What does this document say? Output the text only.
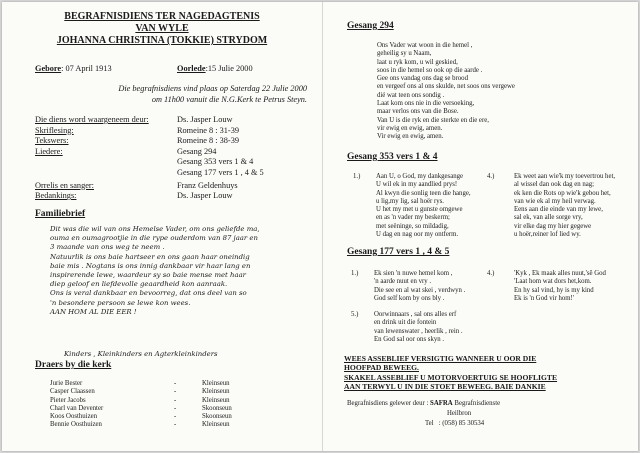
BEGRAFNISDIENS TER NAGEDAGTENIS
VAN WYLE
JOHANNA CHRISTINA (TOKKIE) STRYDOM
Gebore: 07 April 1913	Oorlede:15 Julie 2000
Die begrafnisdiens vind plaas op Saterdag 22 Julie 2000
om 11h00 vanuit die N.G.Kerk te Petrus Steyn.
Die diens word waargeneem deur:	Ds. Jasper Louw
Skriflesing:	Romeine 8 : 31-39
Tekswers:	Romeine 8 : 38-39
Liedere:	Gesang 294
Gesang 353 vers 1 & 4
Gesang 177 vers 1 , 4 & 5
Orrelis en sanger:	Franz Geldenhuys
Bedankings:	Ds. Jasper Louw
Familiebrief
Dit was die wil van ons Hemelse Vader, om ons geliefde ma,
ouma en oumagrootjie in die rype ouderdom van 87 jaar en
3 maande van ons weg te neem .
Natuurlik is ons baie hartseer en ons gaan haar oneindig
baie mis . Nogtans is ons innig dankbaar vir haar lang en
inspirerende lewe, waardeur sy so baie mense met haar
diep geloof en liefdevolle geaardheid kon aanraak.
Ons is veral dankbaar en bevoorreg, dat ons deel van so
'n besondere persoon se lewe kon wees.
AAN HOM AL DIE EER !
Kinders , Kleinkinders en Agterkleinkinders
Draers by die kerk
Jurie Bester	-	Kleinseun
Casper Claassen	-	Kleinseun
Pieter Jacobs	-	Kleinseun
Charl van Deventer	-	Skoonseun
Koos Oosthuizen	-	Skoonseun
Bennie Oosthuizen	-	Kleinseun
Gesang 294
Ons Vader wat woon in die hemel ,
geheilig sy u Naam,
laat u ryk kom, u wil geskied,
soos in die hemel so ook op die aarde .
Gee ons vandag ons dag se brood
en vergeef ons al ons skulde, net soos ons vergewe
dié wat teen ons sondig .
Laat kom ons nie in die versoeking,
maar verlos ons van die Bose.
Van U is die ryk en die sterkte en die ere,
vir ewig en ewig, amen.
Vir ewig en ewig, amen.
Gesang 353 vers 1 & 4
1.) Aan U, o God, my dankgesange
U wil ek in my aandlied prys!
Al kwyn die sonlig teen die hange,
u lig,my lig, sal hoër rys.
U het my met u gunste omgewe
en as 'n vader my beskerm;
met seëninge, so mildadig,
U dag en nag oor my ontferm.
4.)	Ek weet aan wie'k my toevertrou het,
al wissel dan ook dag en nag;
ek ken die Rots op wie'k gebou het,
van wie ek al my heil verwag.
Eens aan die einde van my lewe,
sal ek, van alle sorge vry,
vir elke dag my hier gegewe
u hoër,reiner lof lied wy.
Gesang 177 vers 1 , 4 & 5
1.) Ek sien 'n nuwe hemel kom ,
'n aarde nuut en vry .
Die see en al wat skei , verdwyn .
God self kom by ons bly .
4.)	'Kyk , Ek maak alles nuut,'sê God
'Laat hom wat dors het,kom.
En hy sal vind, hy is my kind
Ek is 'n God vir hom!'
5.) Oorwinnaars , sal ons alles erf
en drink uit die fontein
van lewenswater , heerlik , rein .
En God sal oor ons skyn .
WEES ASSEBLIEF VERSIGTIG WANNEER U OOR DIE
HOOFPAD BEWEEG.
SKAKEL ASSEBLIEF U MOTORVOERTUIG SE HOOFLIGTE
AAN TERWYL U IN DIE STOET BEWEEG. BAIE DANKIE
Begrafnisdiens gelewer deur : SAFRA Begrafnisdienste
Heilbron
Tel : (058) 85 30534
